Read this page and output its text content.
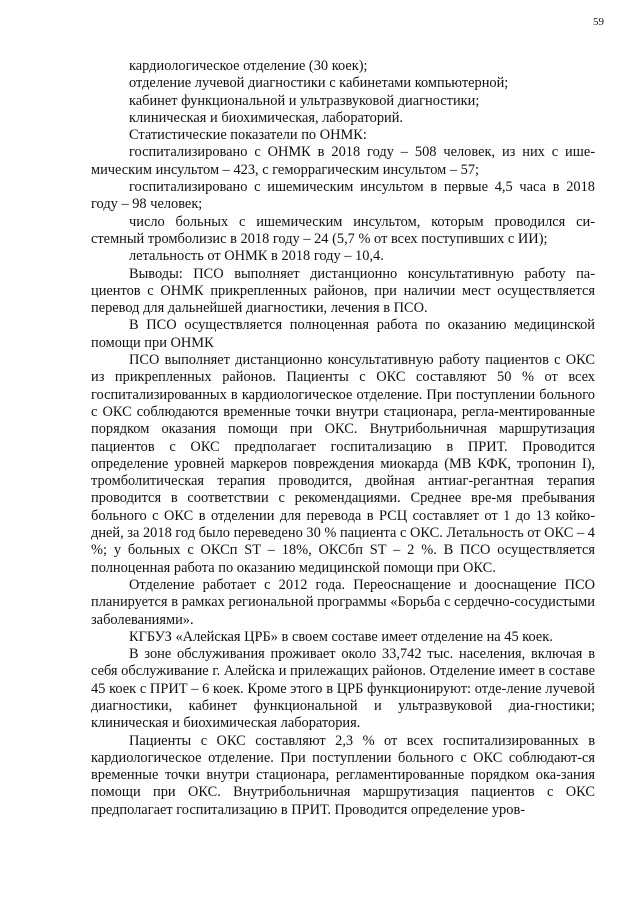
59

кардиологическое отделение (30 коек);

отделение лучевой диагностики с кабинетами компьютерной;

кабинет функциональной и ультразвуковой диагностики;

клиническая и биохимическая, лабораторий.

Статистические показатели по ОНМК:

госпитализировано с ОНМК в 2018 году – 508 человек, из них с ише-мическим инсультом – 423, с геморрагическим инсультом – 57;

госпитализировано с ишемическим инсультом в первые 4,5 часа в 2018 году – 98 человек;

число больных с ишемическим инсультом, которым проводился си-стемный тромболизис в 2018 году – 24 (5,7 % от всех поступивших с ИИ);

летальность от ОНМК в 2018 году – 10,4.

Выводы: ПСО выполняет дистанционно консультативную работу па-циентов с ОНМК прикрепленных районов, при наличии мест осуществляется перевод для дальнейшей диагностики, лечения в ПСО.

В ПСО осуществляется полноценная работа по оказанию медицинской помощи при ОНМК

ПСО выполняет дистанционно консультативную работу пациентов с ОКС из прикрепленных районов. Пациенты с ОКС составляют 50 % от всех госпитализированных в кардиологическое отделение. При поступлении больного с ОКС соблюдаются временные точки внутри стационара, регла-ментированные порядком оказания помощи при ОКС. Внутрибольничная маршрутизация пациентов с ОКС предполагает госпитализацию в ПРИТ. Проводится определение уровней маркеров повреждения миокарда (МВ КФК, тропонин I), тромболитическая терапия проводится, двойная антиаг-регантная терапия проводится в соответствии с рекомендациями. Среднее вре-мя пребывания больного с ОКС в отделении для перевода в РСЦ составляет от 1 до 13 койко-дней, за 2018 год было переведено 30 % пациента с ОКС. Летальность от ОКС – 4 %; у больных с ОКСп ST – 18%, ОКСбп ST – 2 %. В ПСО осуществляется полноценная работа по оказанию медицинской помощи при ОКС.

Отделение работает с 2012 года. Переоснащение и дооснащение ПСО планируется в рамках региональной программы «Борьба с сердечно-сосудистыми заболеваниями».

КГБУЗ «Алейская ЦРБ» в своем составе имеет отделение на 45 коек.

В зоне обслуживания проживает около 33,742 тыс. населения, включая в себя обслуживание г. Алейска и прилежащих районов. Отделение имеет в составе 45 коек с ПРИТ – 6 коек. Кроме этого в ЦРБ функционируют: отде-ление лучевой диагностики, кабинет функциональной и ультразвуковой диа-гностики; клиническая и биохимическая лаборатория.

Пациенты с ОКС составляют 2,3 % от всех госпитализированных в кардиологическое отделение. При поступлении больного с ОКС соблюдают-ся временные точки внутри стационара, регламентированные порядком ока-зания помощи при ОКС. Внутрибольничная маршрутизация пациентов с ОКС предполагает госпитализацию в ПРИТ. Проводится определение уров-
